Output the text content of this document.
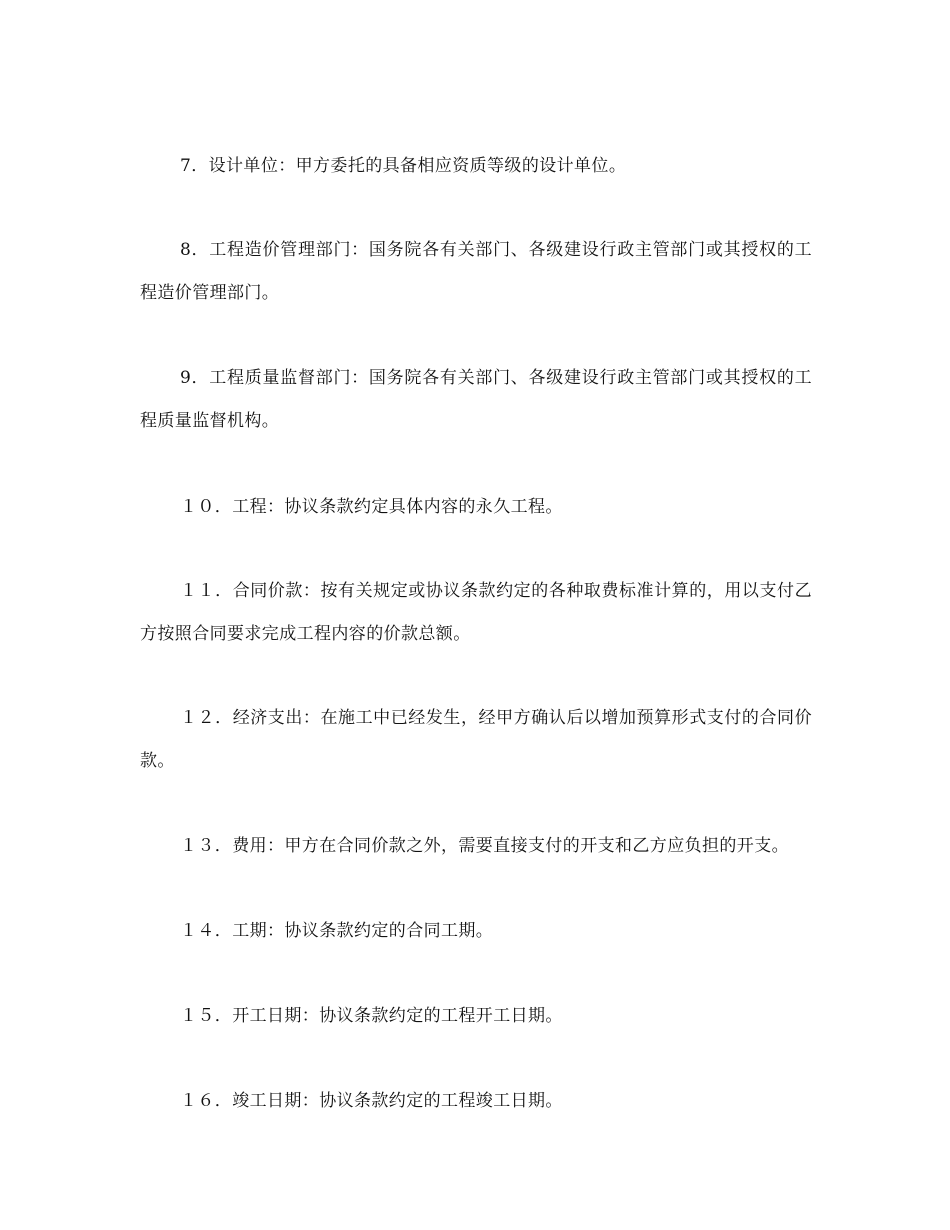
7．设计单位：甲方委托的具备相应资质等级的设计单位。

8．工程造价管理部门：国务院各有关部门、各级建设行政主管部门或其授权的工程造价管理部门。

9．工程质量监督部门：国务院各有关部门、各级建设行政主管部门或其授权的工程质量监督机构。

１０．工程：协议条款约定具体内容的永久工程。

１１．合同价款：按有关规定或协议条款约定的各种取费标准计算的，用以支付乙方按照合同要求完成工程内容的价款总额。

１２．经济支出：在施工中已经发生，经甲方确认后以增加预算形式支付的合同价款。

１３．费用：甲方在合同价款之外，需要直接支付的开支和乙方应负担的开支。

１４．工期：协议条款约定的合同工期。

１５．开工日期：协议条款约定的工程开工日期。

１６．竣工日期：协议条款约定的工程竣工日期。
